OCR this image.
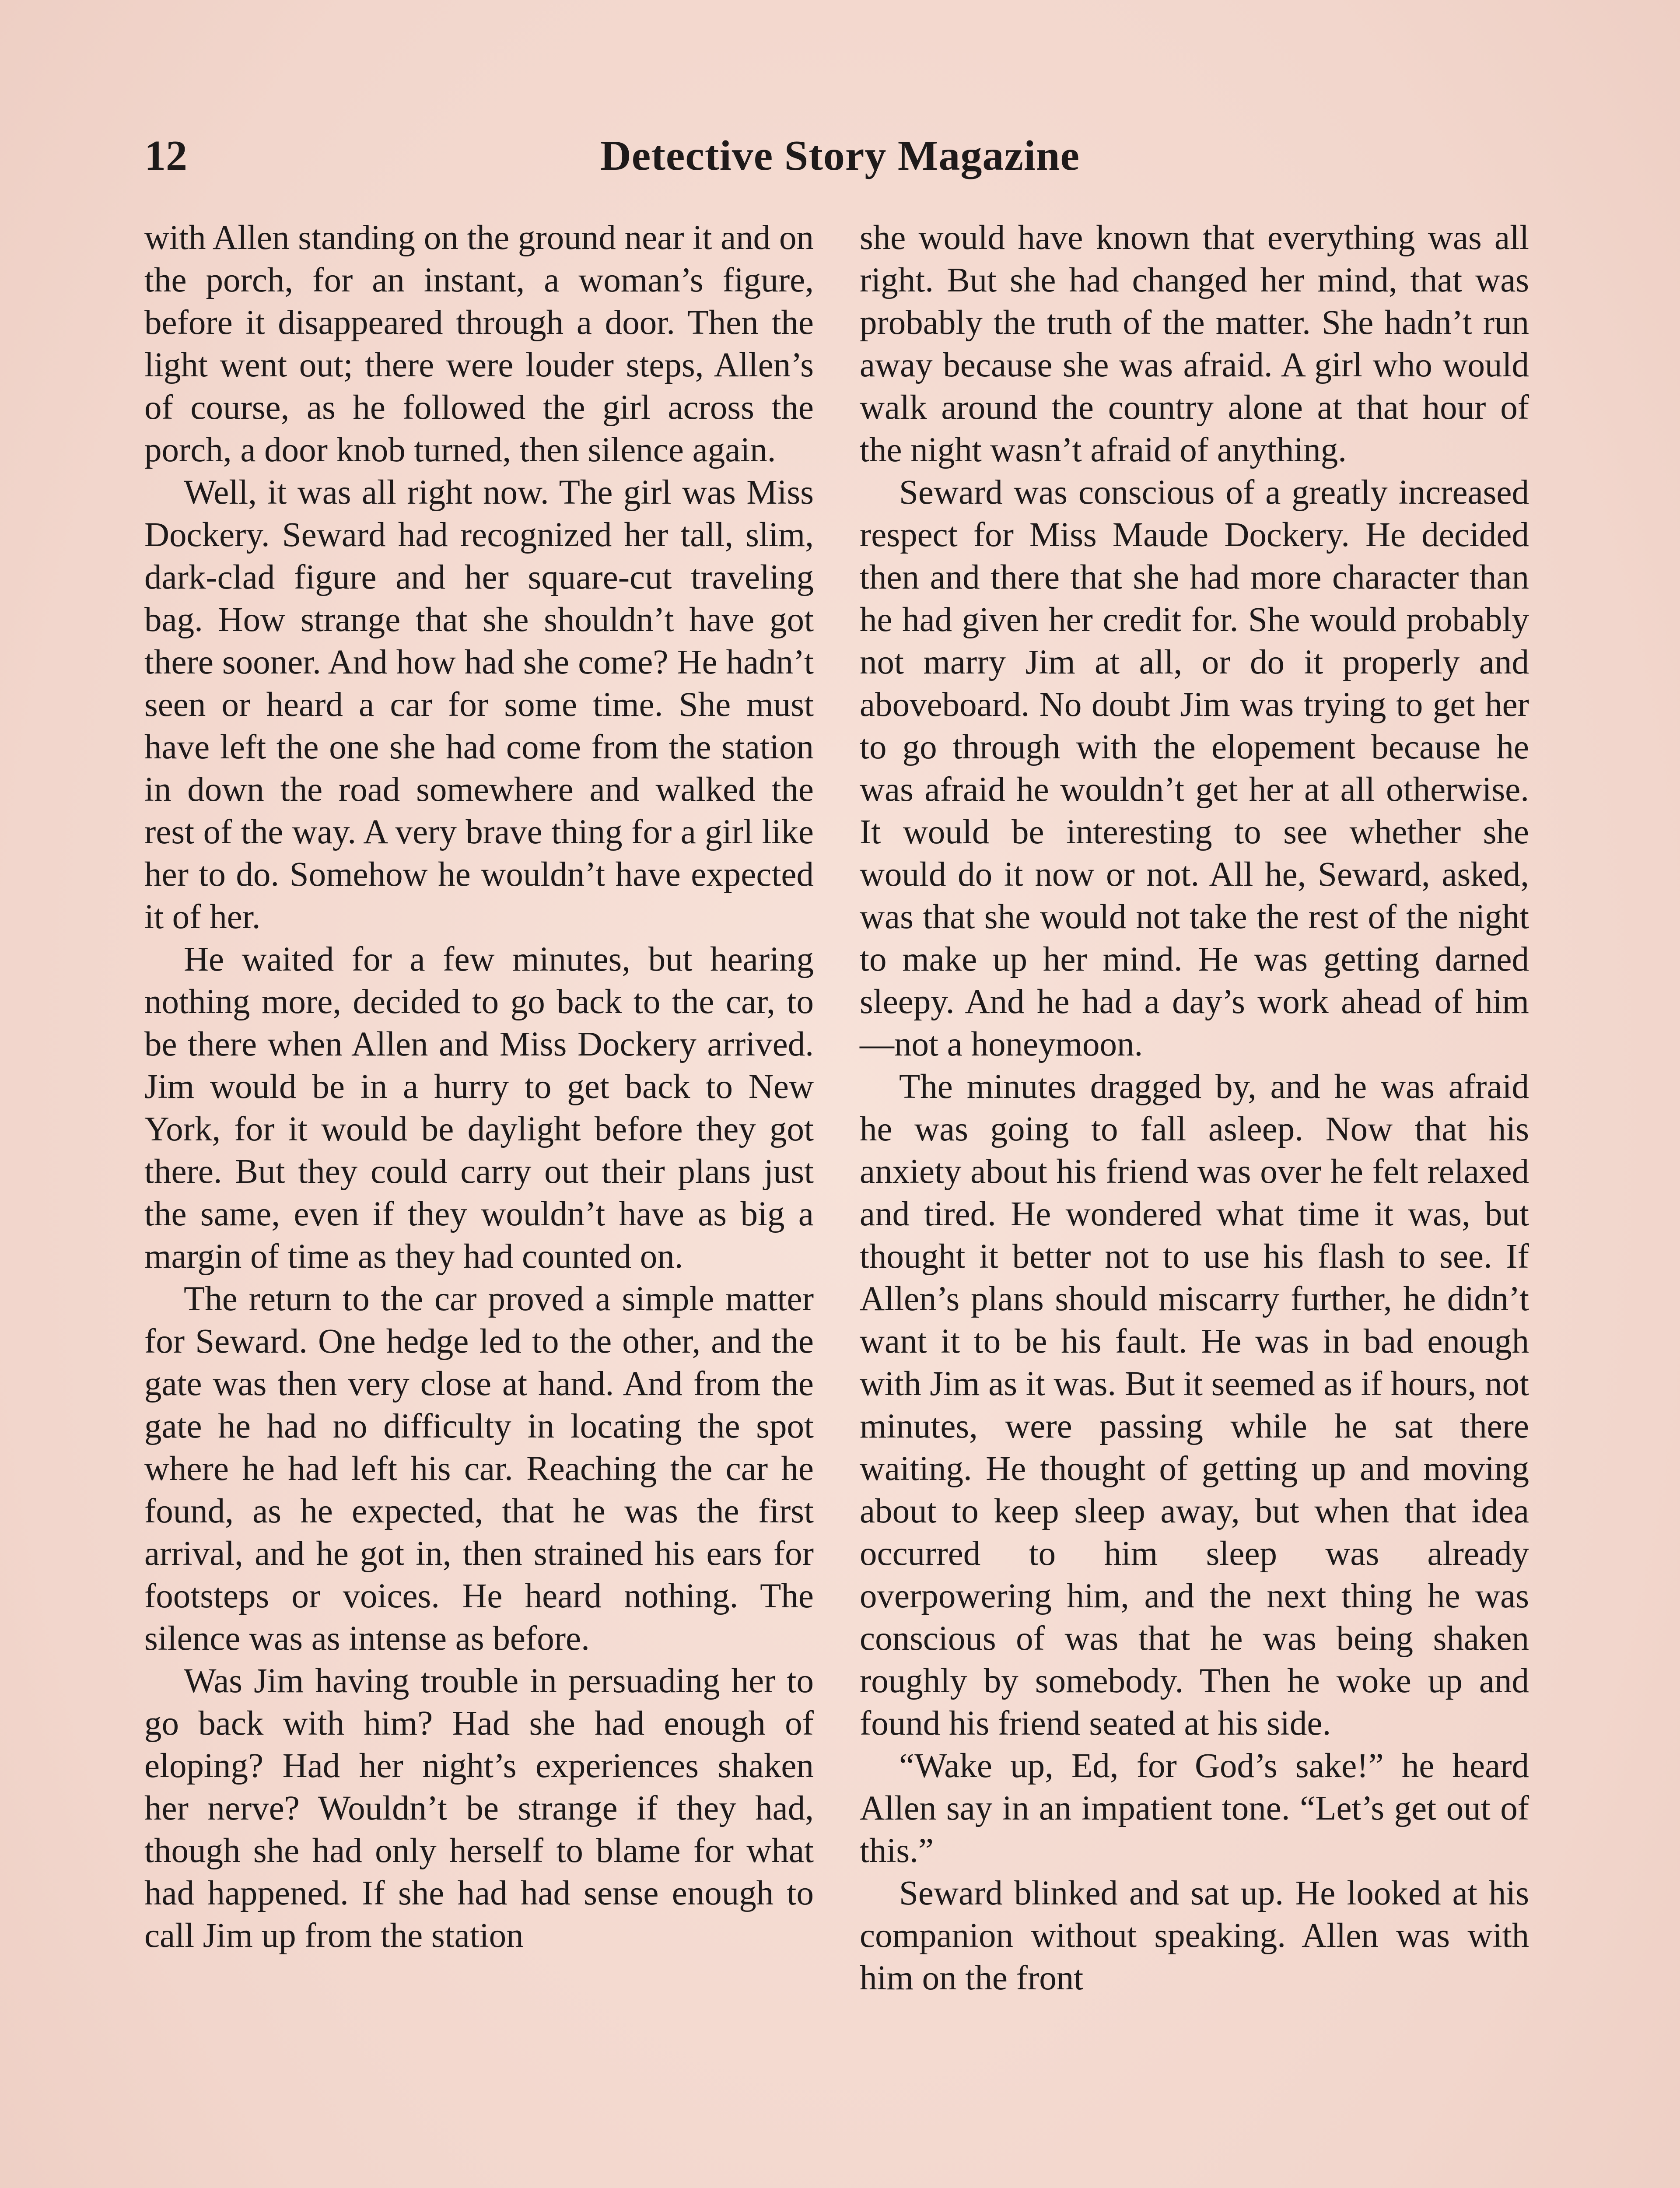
12	Detective Story Magazine

with Allen standing on the ground near it and on the porch, for an instant, a woman’s figure, before it disappeared through a door. Then the light went out; there were louder steps, Allen’s of course, as he followed the girl across the porch, a door knob turned, then silence again.

Well, it was all right now. The girl was Miss Dockery. Seward had recognized her tall, slim, dark-clad figure and her square-cut traveling bag. How strange that she shouldn’t have got there sooner. And how had she come? He hadn’t seen or heard a car for some time. She must have left the one she had come from the station in down the road somewhere and walked the rest of the way. A very brave thing for a girl like her to do. Somehow he wouldn’t have expected it of her.

He waited for a few minutes, but hearing nothing more, decided to go back to the car, to be there when Allen and Miss Dockery arrived. Jim would be in a hurry to get back to New York, for it would be daylight before they got there. But they could carry out their plans just the same, even if they wouldn’t have as big a margin of time as they had counted on.

The return to the car proved a simple matter for Seward. One hedge led to the other, and the gate was then very close at hand. And from the gate he had no difficulty in locating the spot where he had left his car. Reaching the car he found, as he expected, that he was the first arrival, and he got in, then strained his ears for footsteps or voices. He heard nothing. The silence was as intense as before.

Was Jim having trouble in persuading her to go back with him? Had she had enough of eloping? Had her night’s experiences shaken her nerve? Wouldn’t be strange if they had, though she had only herself to blame for what had happened. If she had had sense enough to call Jim up from the station

she would have known that everything was all right. But she had changed her mind, that was probably the truth of the matter. She hadn’t run away because she was afraid. A girl who would walk around the country alone at that hour of the night wasn’t afraid of anything.

Seward was conscious of a greatly increased respect for Miss Maude Dockery. He decided then and there that she had more character than he had given her credit for. She would probably not marry Jim at all, or do it properly and aboveboard. No doubt Jim was trying to get her to go through with the elopement because he was afraid he wouldn’t get her at all otherwise. It would be interesting to see whether she would do it now or not. All he, Seward, asked, was that she would not take the rest of the night to make up her mind. He was getting darned sleepy. And he had a day’s work ahead of him—not a honeymoon.

The minutes dragged by, and he was afraid he was going to fall asleep. Now that his anxiety about his friend was over he felt relaxed and tired. He wondered what time it was, but thought it better not to use his flash to see. If Allen’s plans should miscarry further, he didn’t want it to be his fault. He was in bad enough with Jim as it was. But it seemed as if hours, not minutes, were passing while he sat there waiting. He thought of getting up and moving about to keep sleep away, but when that idea occurred to him sleep was already overpowering him, and the next thing he was conscious of was that he was being shaken roughly by somebody. Then he woke up and found his friend seated at his side.

“Wake up, Ed, for God’s sake!” he heard Allen say in an impatient tone. “Let’s get out of this.”

Seward blinked and sat up. He looked at his companion without speaking. Allen was with him on the front
